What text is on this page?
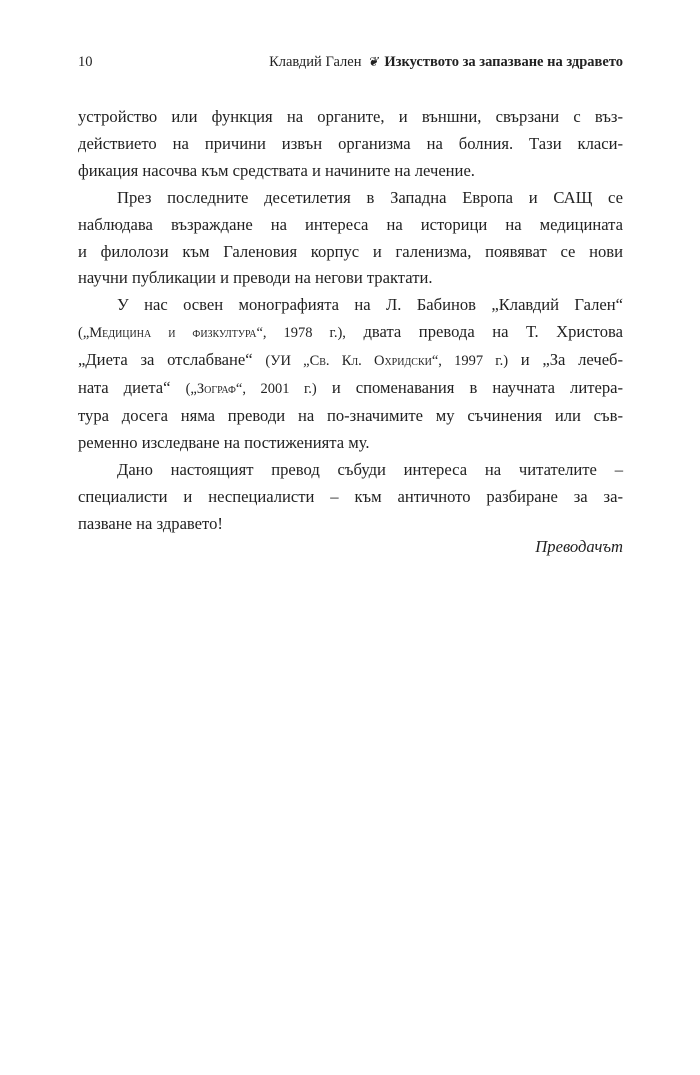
10	Клавдий Гален ❦ Изкуството за запазване на здравето

устройство или функция на органите, и външни, свързани с въз-
действието на причини извън организма на болния. Тази класи-
фикация насочва към средствата и начините на лечение.

През последните десетилетия в Западна Европа и САЩ се
наблюдава възраждане на интереса на историци на медицината
и филолози към Галеновия корпус и галенизма, появяват се нови
научни публикации и преводи на негови трактати.

У нас освен монографията на Л. Бабинов „Клавдий Гален“
(„Медицина и физкултура“, 1978 г.), двата превода на Т. Христова
„Диета за отслабване“ (УИ „Св. Кл. Охридски“, 1997 г.) и „За лечеб-
ната диета“ („Зограф“, 2001 г.) и споменавания в научната литера-
тура досега няма преводи на по-значимите му съчинения или съв-
ременно изследване на постиженията му.

Дано настоящият превод събуди интереса на читателите –
специалисти и неспециалисти – към античното разбиране за за-
пазване на здравето!

Преводачът
